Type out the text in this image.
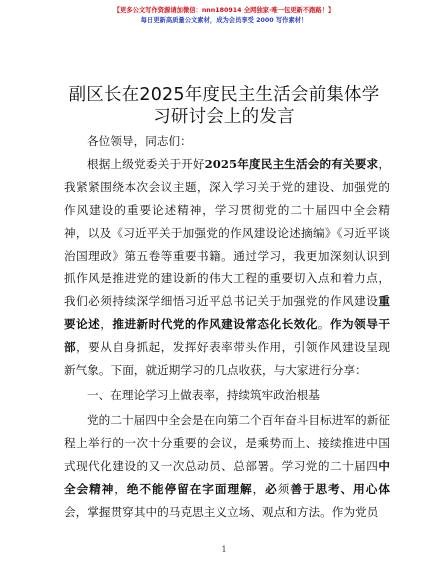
【更多公文写作资源请加微信：nnn180914 全网独家·唯一包更新不跑路！】
每日更新高质量公文素材，成为会员享受 2000 写作素材！
副区长在2025年度民主生活会前集体学习研讨会上的发言

各位领导，同志们：

根据上级党委关于开好2025年度民主生活会的有关要求，我紧紧围绕本次会议主题，深入学习关于党的建设、加强党的作风建设的重要论述精神，学习贯彻党的二十届四中全会精神，以及《习近平关于加强党的作风建设论述摘编》《习近平谈治国理政》第五卷等重要书籍。通过学习，我更加深刻认识到抓作风是推进党的建设新的伟大工程的重要切入点和着力点，我们必须持续深学细悟习近平总书记关于加强党的作风建设重要论述，推进新时代党的作风建设常态化长效化。作为领导干部，要从自身抓起，发挥好表率带头作用，引领作风建设呈现新气象。下面，就近期学习的几点收获，与大家进行分享：

一、在理论学习上做表率，持续筑牢政治根基

党的二十届四中全会是在向第二个百年奋斗目标进军的新征程上举行的一次十分重要的会议，是乘势而上、接续推进中国式现代化建设的又一次总动员、总部署。学习党的二十届四中全会精神，绝不能停留在字面理解，必须善于思考、用心体会，掌握贯穿其中的马克思主义立场、观点和方法。作为党员

1
